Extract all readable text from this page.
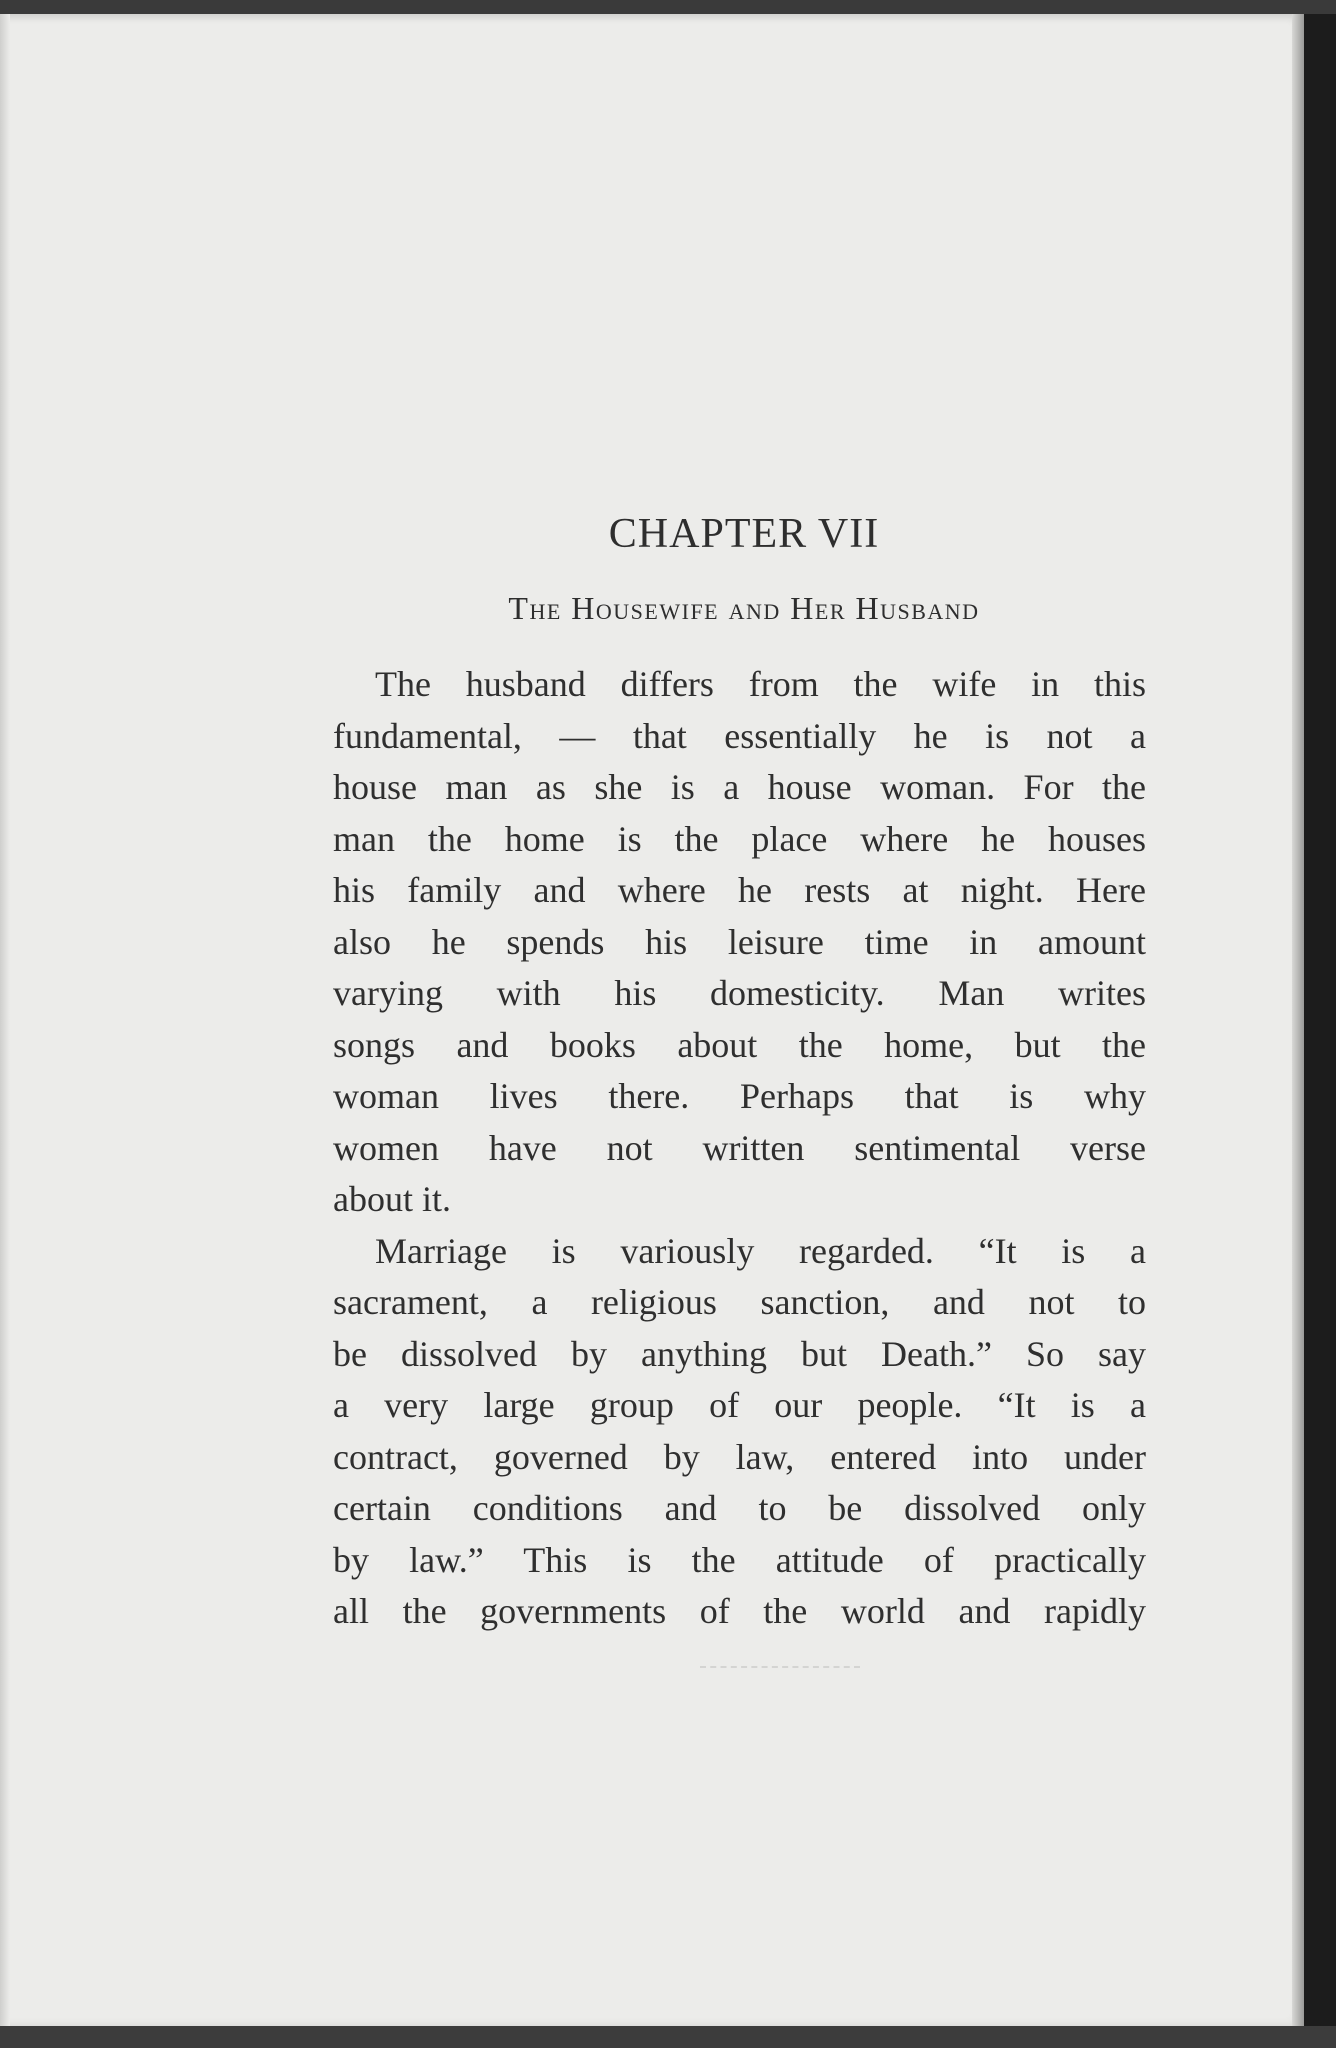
CHAPTER VII
The Housewife and Her Husband
The husband differs from the wife in this
fundamental, — that essentially he is not a
house man as she is a house woman. For the
man the home is the place where he houses
his family and where he rests at night. Here
also he spends his leisure time in amount
varying with his domesticity. Man writes
songs and books about the home, but the
woman lives there. Perhaps that is why
women have not written sentimental verse
about it.
Marriage is variously regarded. “It is a
sacrament, a religious sanction, and not to
be dissolved by anything but Death.” So say
a very large group of our people. “It is a
contract, governed by law, entered into under
certain conditions and to be dissolved only
by law.” This is the attitude of practically
all the governments of the world and rapidly
